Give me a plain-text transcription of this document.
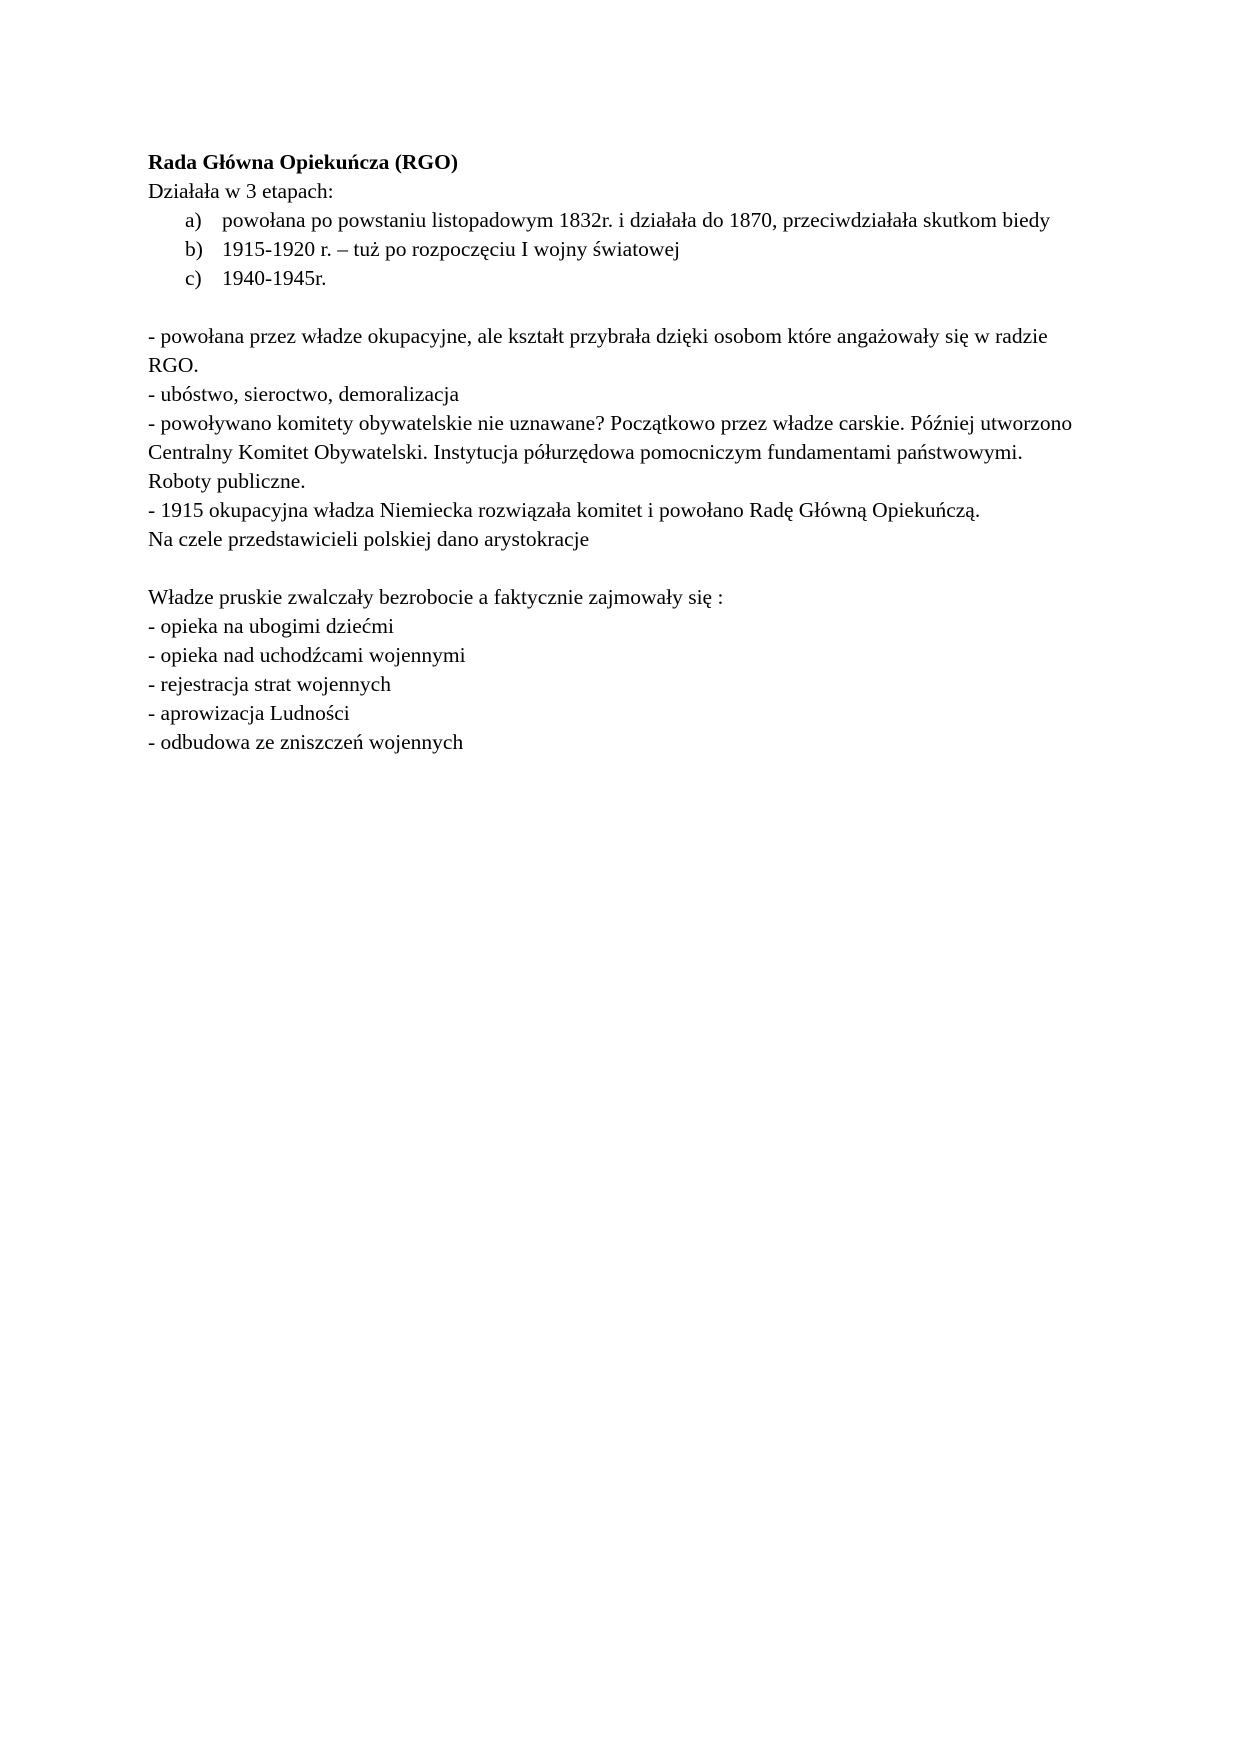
Rada Główna Opiekuńcza (RGO)

Działała w 3 etapach:

a) powołana po powstaniu listopadowym 1832r. i działała do 1870, przeciwdziałała skutkom biedy
b) 1915-1920 r. – tuż po rozpoczęciu I wojny światowej
c) 1940-1945r.

- powołana przez władze okupacyjne, ale kształt przybrała dzięki osobom które angażowały się w radzie RGO.

- ubóstwo, sieroctwo, demoralizacja

- powoływano komitety obywatelskie nie uznawane? Początkowo przez władze carskie. Później utworzono Centralny Komitet Obywatelski. Instytucja półurzędowa pomocniczym fundamentami państwowymi. Roboty publiczne.

- 1915 okupacyjna władza Niemiecka rozwiązała komitet i powołano Radę Główną Opiekuńczą.

Na czele przedstawicieli polskiej dano arystokracje

Władze pruskie zwalczały bezrobocie a faktycznie zajmowały się :

- opieka na ubogimi dziećmi

- opieka nad uchodźcami wojennymi

- rejestracja strat wojennych

- aprowizacja Ludności

- odbudowa ze zniszczeń wojennych
